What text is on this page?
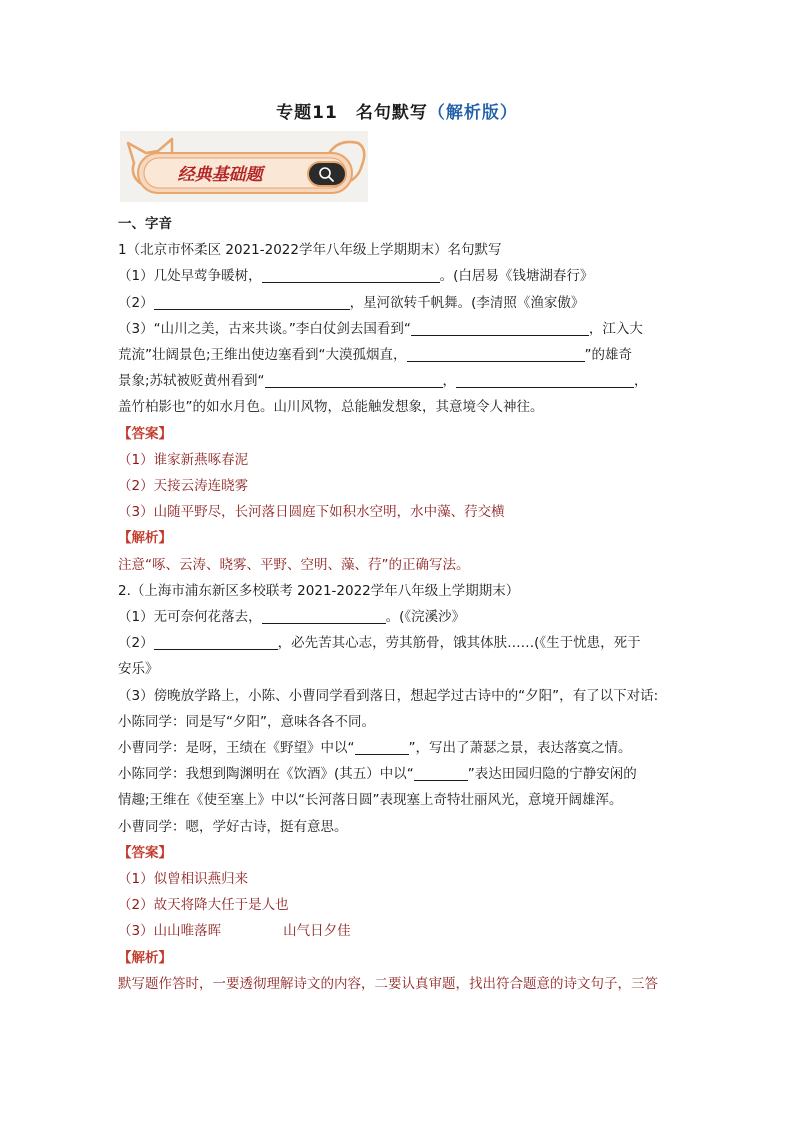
专题11　名句默写（解析版）
经典基础题
一、字音
1（北京市怀柔区 2021-2022学年八年级上学期期末）名句默写
（1）几处早莺争暖树，	。(白居易《钱塘湖春行》
（2）	，星河欲转千帆舞。(李清照《渔家傲》
（3）“山川之美，古来共谈。”李白仗剑去国看到“	，江入大
荒流”壮阔景色;王维出使边塞看到“大漠孤烟直，	”的雄奇
景象;苏轼被贬黄州看到“	，	，
盖竹柏影也”的如水月色。山川风物，总能触发想象，其意境令人神往。
【答案】
（1）谁家新燕啄春泥
（2）天接云涛连晓雾
（3）山随平野尽，长河落日圆庭下如积水空明，水中藻、荇交横
【解析】
注意“啄、云涛、晓雾、平野、空明、藻、荇”的正确写法。
2.（上海市浦东新区多校联考 2021-2022学年八年级上学期期末）
（1）无可奈何花落去，	。(《浣溪沙》
（2）	，必先苦其心志，劳其筋骨，饿其体肤……(《生于忧患，死于
安乐》
（3）傍晚放学路上，小陈、小曹同学看到落日，想起学过古诗中的“夕阳”，有了以下对话:
小陈同学：同是写“夕阳”，意味各各不同。
小曹同学：是呀，王绩在《野望》中以“	”，写出了萧瑟之景，表达落寞之情。
小陈同学：我想到陶渊明在《饮酒》(其五）中以“	”表达田园归隐的宁静安闲的
情趣;王维在《使至塞上》中以“长河落日圆”表现塞上奇特壮丽风光，意境开阔雄浑。
小曹同学：嗯，学好古诗，挺有意思。
【答案】
（1）似曾相识燕归来
（2）故天将降大任于是人也
（3）山山唯落晖	山气日夕佳
【解析】
默写题作答时，一要透彻理解诗文的内容，二要认真审题，找出符合题意的诗文句子，三答
